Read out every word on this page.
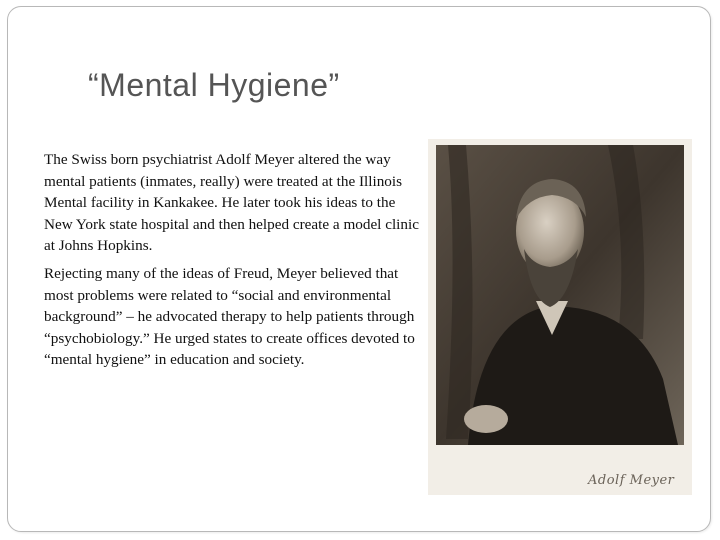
“Mental Hygiene”

The Swiss born psychiatrist Adolf Meyer altered the way mental patients (inmates, really) were treated at the Illinois Mental facility in Kankakee. He later took his ideas to the New York state hospital and then helped create a model clinic at Johns Hopkins.

Rejecting many of the ideas of Freud, Meyer believed that most problems were related to “social and environmental background” – he advocated therapy to help patients through “psychobiology.” He urged states to create offices devoted to “mental hygiene” in education and society.

Adolf Meyer
